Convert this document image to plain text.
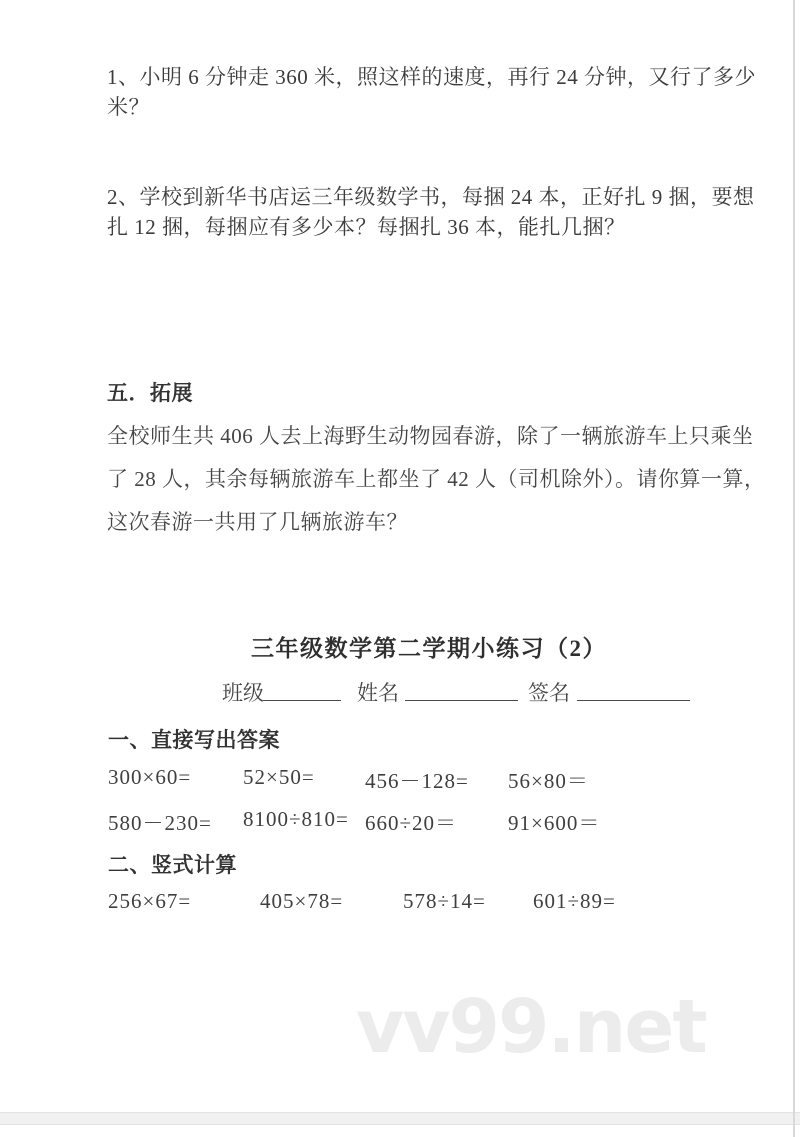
1、小明 6 分钟走 360 米，照这样的速度，再行 24 分钟，又行了多少
米？
2、学校到新华书店运三年级数学书，每捆 24 本，正好扎 9 捆，要想
扎 12 捆，每捆应有多少本？每捆扎 36 本，能扎几捆？
五．拓展
全校师生共 406 人去上海野生动物园春游，除了一辆旅游车上只乘坐
了 28 人，其余每辆旅游车上都坐了 42 人（司机除外）。请你算一算，
这次春游一共用了几辆旅游车？
三年级数学第二学期小练习（2）
班级	姓名	签名
一、直接写出答案
300×60= 52×50= 456－128= 56×80＝
580－230= 8100÷810= 660÷20＝ 91×600＝
二、竖式计算
256×67=	405×78=	578÷14= 601÷89=
vv99.net
